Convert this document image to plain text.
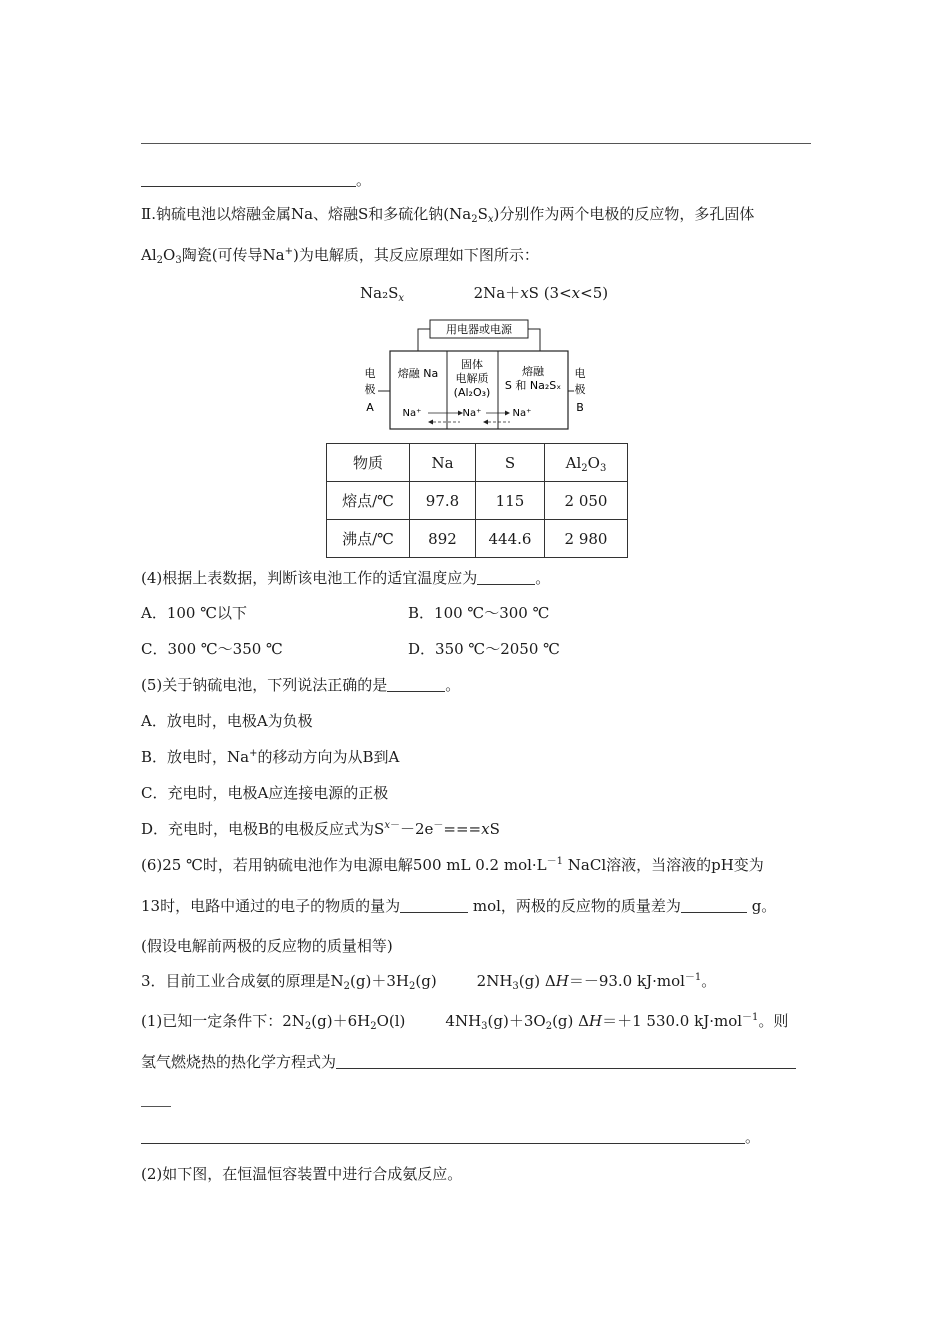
。
Ⅱ.钠硫电池以熔融金属Na、熔融S和多硫化钠$(Na_2S_x)$分别作为两个电极的反应物，多孔固体
$Al_2O_3$陶瓷(可传导Na+)为电解质，其反应原理如下图所示：
$Na_2S_x$	2Na＋xS (3<x<5)
用电器或电源
熔融 Na
固体
电解质
(Al₂O₃)
熔融
S 和 Na₂Sₓ
电
极
A
电
极
B
Na⁺	Na⁺	Na⁺
物质	Na	S	$Al_2O_3$
熔点/℃	97.8	115	2 050
沸点/℃	892	444.6	2 980
(4)根据上表数据，判断该电池工作的适宜温度应为	。
A．100 ℃以下	B．100 ℃～300 ℃
C．300 ℃～350 ℃	D．350 ℃～2050 ℃
(5)关于钠硫电池，下列说法正确的是	。
A．放电时，电极A为负极
B．放电时，Na+的移动方向为从B到A
C．充电时，电极A应连接电源的正极
D．充电时，电极B的电极反应式为$S^{x-}-2e^-===xS$
(6)25 ℃时，若用钠硫电池作为电源电解500 mL 0.2 $mol\cdot L^{-1}$ NaCl溶液，当溶液的pH变为
13时，电路中通过的电子的物质的量为	mol，两极的反应物的质量差为	g。
(假设电解前两极的反应物的质量相等)
3．目前工业合成氨的原理是$N_2(g)+3H_2(g)$	$2NH_3(g)$ ΔH＝－93.0 kJ·mol$^{-1}$。
(1)已知一定条件下：$2N_2(g)+6H_2O(l)$	$4NH_3(g)+3O_2(g)$ ΔH＝＋1 530.0 kJ·mol$^{-1}$。则
氢气燃烧热的热化学方程式为
。
(2)如下图，在恒温恒容装置中进行合成氨反应。
